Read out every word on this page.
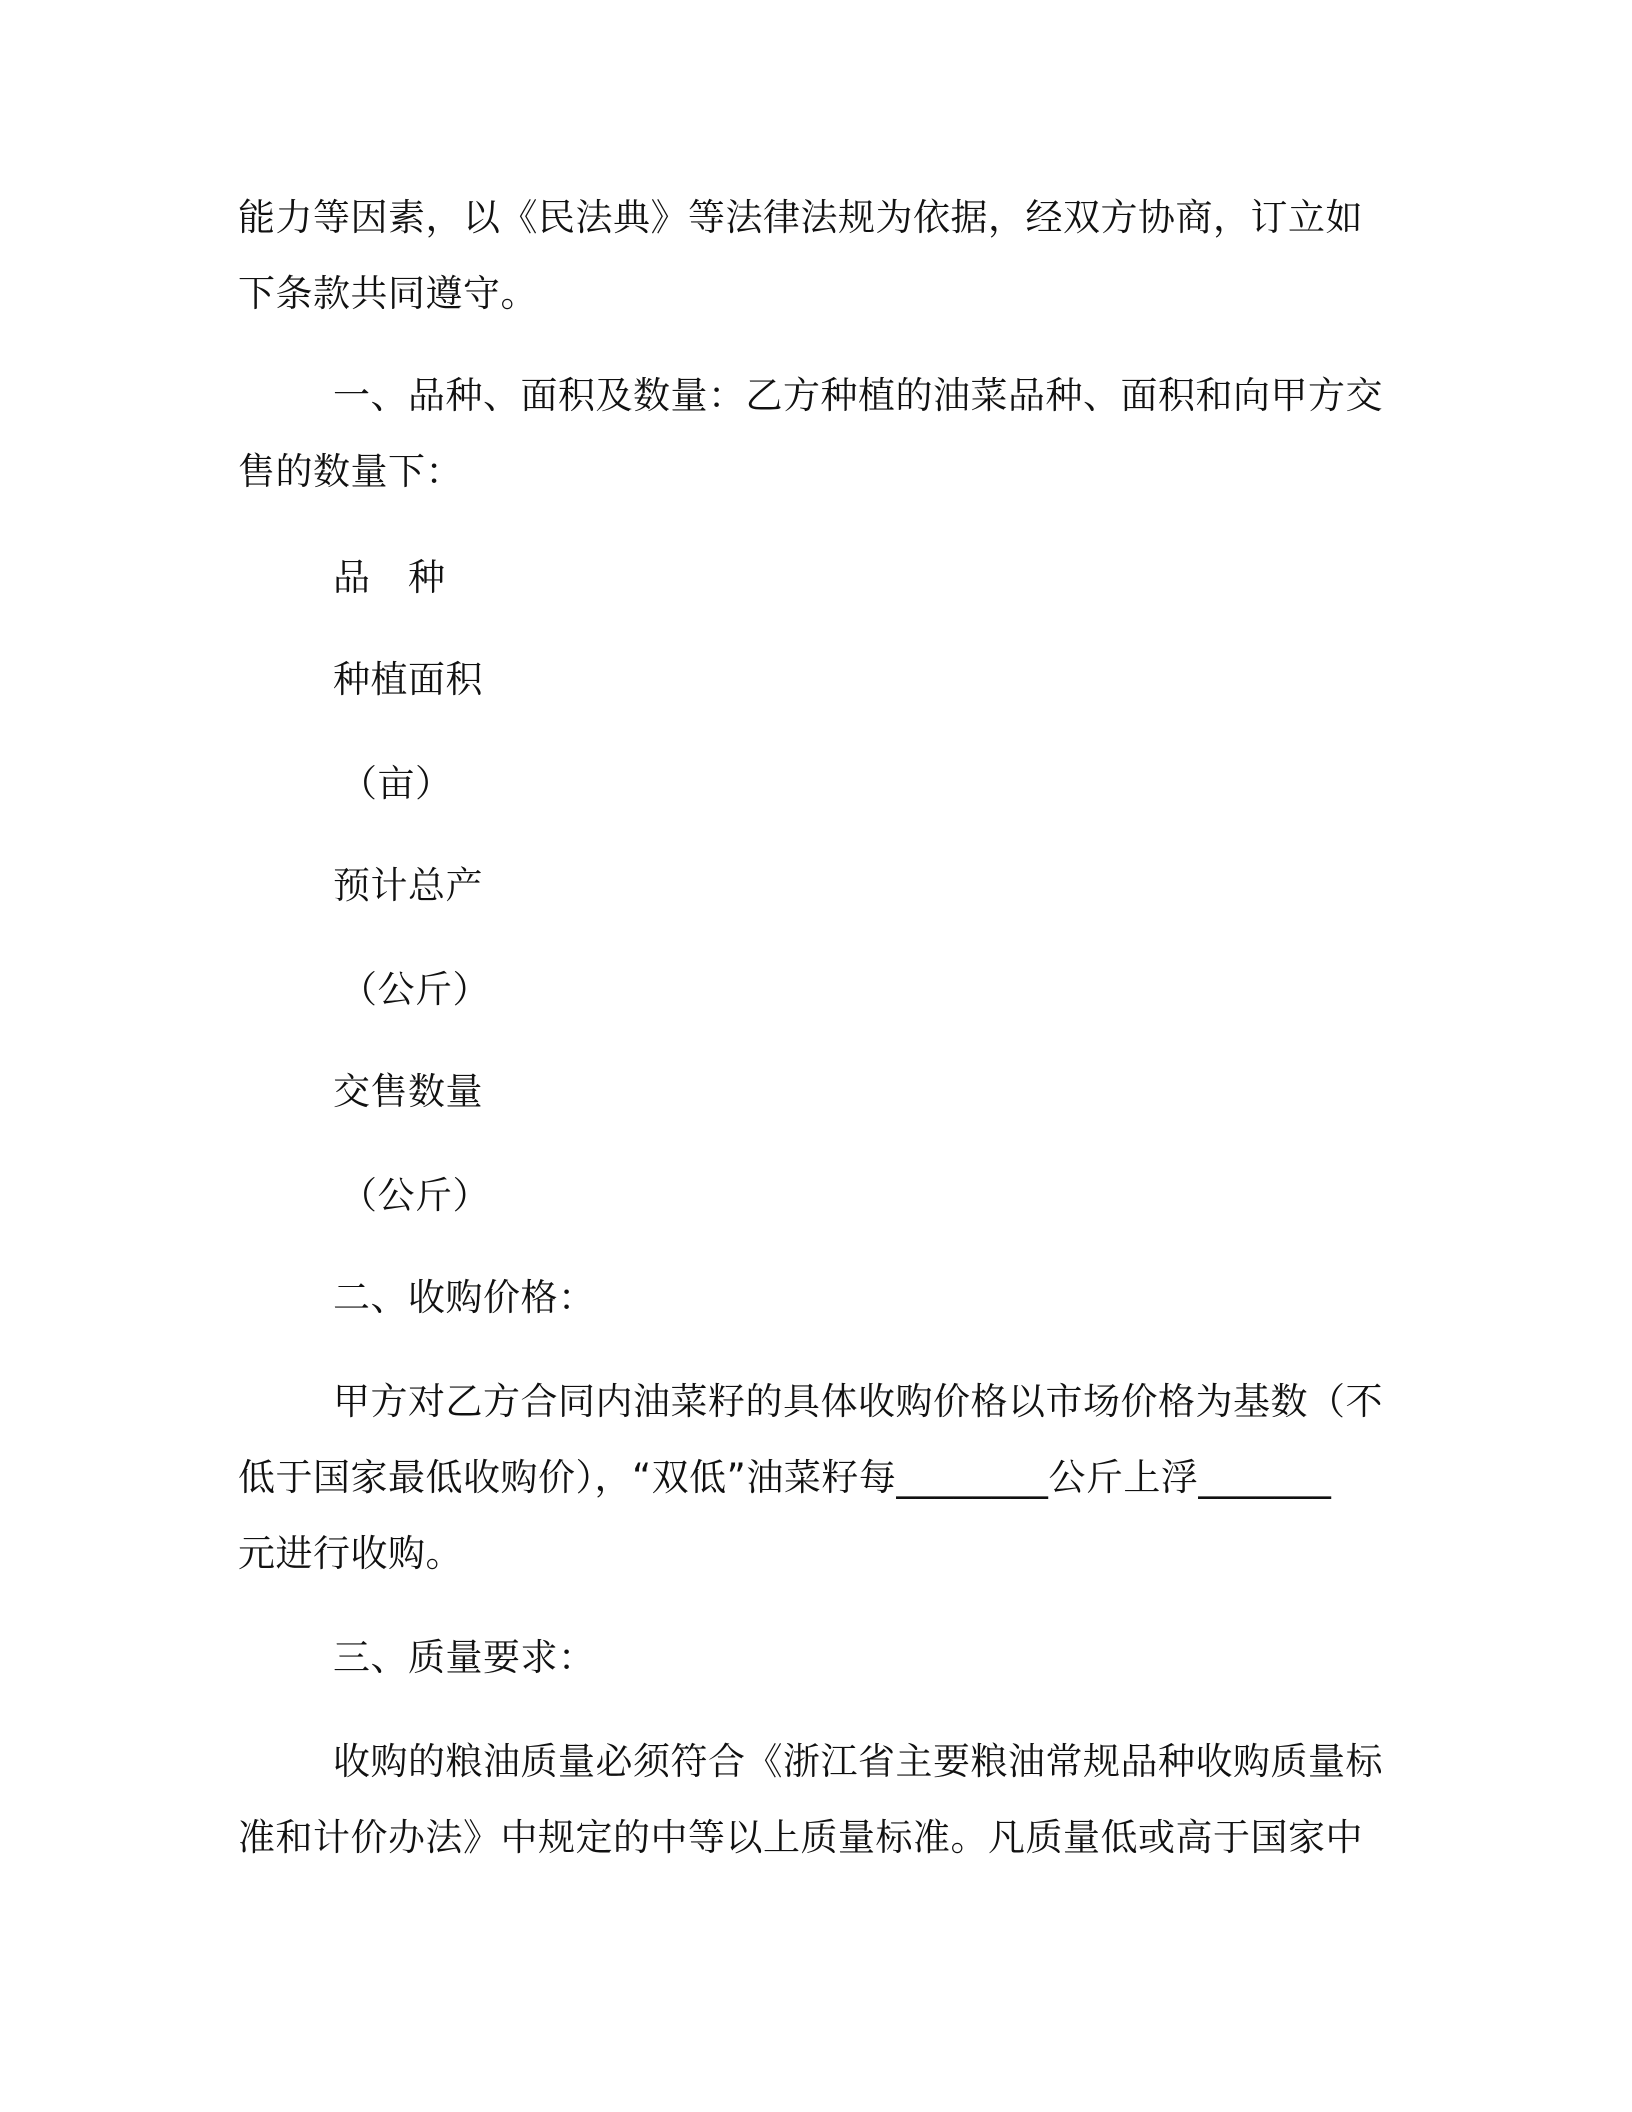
能力等因素，以《民法典》等法律法规为依据，经双方协商，订立如
下条款共同遵守。
一、品种、面积及数量：乙方种植的油菜品种、面积和向甲方交
售的数量下：
品　种
种植面积
（亩）
预计总产
（公斤）
交售数量
（公斤）
二、收购价格：
甲方对乙方合同内油菜籽的具体收购价格以市场价格为基数（不
低于国家最低收购价），“双低”油菜籽每________公斤上浮_______
元进行收购。
三、质量要求：
收购的粮油质量必须符合《浙江省主要粮油常规品种收购质量标
准和计价办法》中规定的中等以上质量标准。凡质量低或高于国家中
